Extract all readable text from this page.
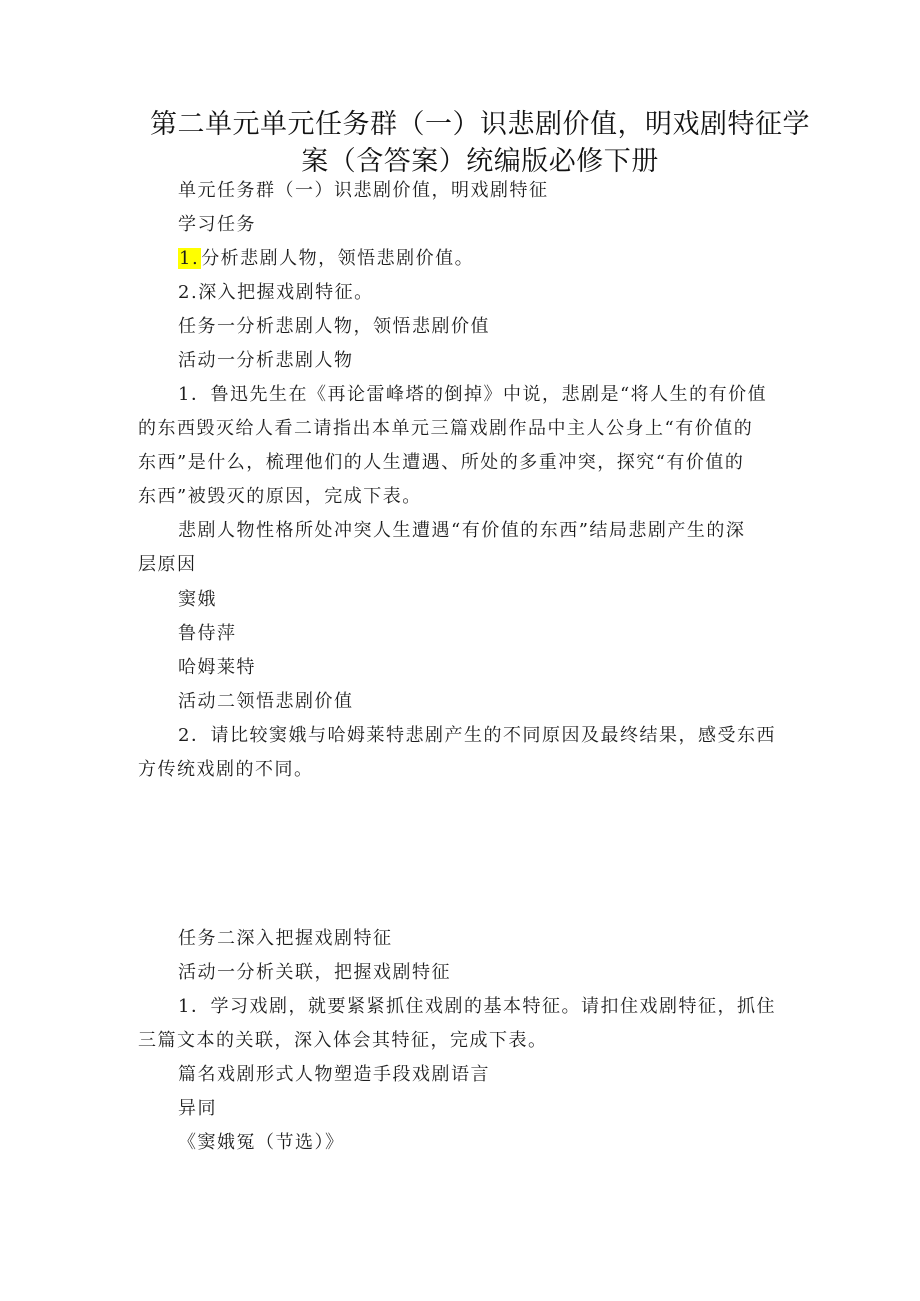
第二单元单元任务群（一）识悲剧价值，明戏剧特征学
案（含答案）统编版必修下册
单元任务群（一）识悲剧价值，明戏剧特征
学习任务
1. 分析悲剧人物，领悟悲剧价值。
2.深入把握戏剧特征。
任务一分析悲剧人物，领悟悲剧价值
活动一分析悲剧人物
1．鲁迅先生在《再论雷峰塔的倒掉》中说，悲剧是“将人生的有价值
的东西毁灭给人看二请指出本单元三篇戏剧作品中主人公身上“有价值的
东西”是什么，梳理他们的人生遭遇、所处的多重冲突，探究“有价值的
东西”被毁灭的原因，完成下表。
悲剧人物性格所处冲突人生遭遇“有价值的东西”结局悲剧产生的深
层原因
窦娥
鲁侍萍
哈姆莱特
活动二领悟悲剧价值
2．请比较窦娥与哈姆莱特悲剧产生的不同原因及最终结果，感受东西
方传统戏剧的不同。
任务二深入把握戏剧特征
活动一分析关联，把握戏剧特征
1．学习戏剧，就要紧紧抓住戏剧的基本特征。请扣住戏剧特征，抓住
三篇文本的关联，深入体会其特征，完成下表。
篇名戏剧形式人物塑造手段戏剧语言
异同
《窦娥冤（节选）》
